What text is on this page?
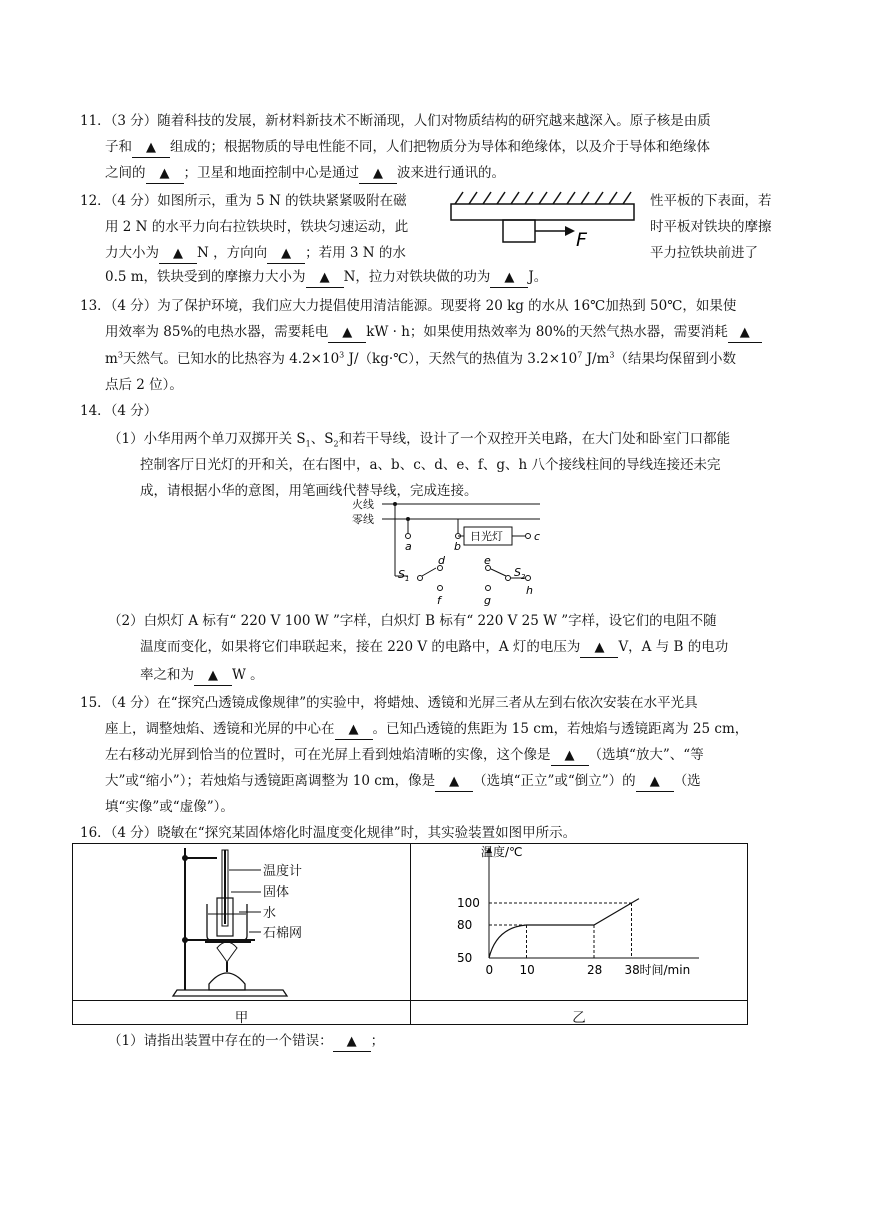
11．（3 分）随着科技的发展，新材料新技术不断涌现，人们对物质结构的研究越来越深入。原子核是由质
子和 ▲ 组成的；根据物质的导电性能不同，人们把物质分为导体和绝缘体，以及介于导体和绝缘体
之间的 ▲ ；卫星和地面控制中心是通过 ▲ 波来进行通讯的。
12．（4 分）如图所示，重为 5 N 的铁块紧紧吸附在磁	性平板的下表面，若
用 2 N 的水平力向右拉铁块时，铁块匀速运动，此	时平板对铁块的摩擦
力大小为 ▲ N ，方向向 ▲ ；若用 3 N 的水	平力拉铁块前进了
0.5 m，铁块受到的摩擦力大小为 ▲ N，拉力对铁块做的功为 ▲ J。
F
13．（4 分）为了保护环境，我们应大力提倡使用清洁能源。现要将 20 kg 的水从 16℃加热到 50℃，如果使
用效率为 85%的电热水器，需要耗电 ▲ kW · h；如果使用热效率为 80%的天然气热水器，需要消耗 ▲
$m^3$天然气。已知水的比热容为 $4.2\times 10^3$ J/（kg·℃），天然气的热值为 $3.2\times 10^7$ $J/m^3$（结果均保留到小数
点后 2 位）。
14．（4 分）
（1）小华用两个单刀双掷开关 $S_1$、$S_2$和若干导线，设计了一个双控开关电路，在大门处和卧室门口都能
控制客厅日光灯的开和关，在右图中，a、b、c、d、e、f、g、h 八个接线柱间的导线连接还未完
成，请根据小华的意图，用笔画线代替导线，完成连接。
火线
零线
a	b
日光灯	c
$S_1$
d
f
e
g
$S_2$
h
（2）白炽灯 A 标有“ 220 V 100 W ”字样，白炽灯 B 标有“ 220 V 25 W ”字样，设它们的电阻不随
温度而变化，如果将它们串联起来，接在 220 V 的电路中，A 灯的电压为 ▲ V，A 与 B 的电功
率之和为 ▲ W 。
15．（4 分）在“探究凸透镜成像规律”的实验中，将蜡烛、透镜和光屏三者从左到右依次安装在水平光具
座上，调整烛焰、透镜和光屏的中心在 ▲ 。已知凸透镜的焦距为 15 cm，若烛焰与透镜距离为 25 cm，
左右移动光屏到恰当的位置时，可在光屏上看到烛焰清晰的实像，这个像是 ▲ （选填“放大”、“等
大”或“缩小”）；若烛焰与透镜距离调整为 10 cm，像是 ▲ （选填“正立”或“倒立”）的 ▲ （选
填“实像”或“虚像”）。
16．（4 分）晓敏在“探究某固体熔化时温度变化规律”时，其实验装置如图甲所示。
甲	乙
温度计
固体
水
石棉网
温度/℃
50
80
100
0 10	28 38 时间/min
（1）请指出装置中存在的一个错误： ▲ ；
